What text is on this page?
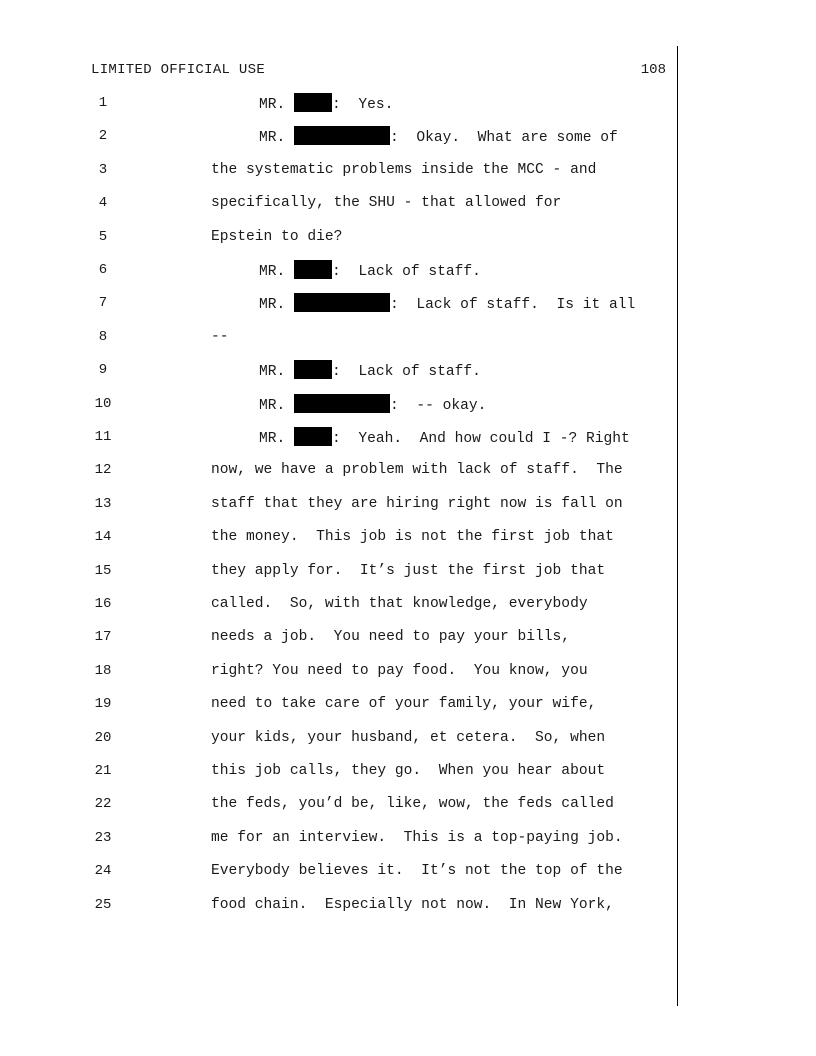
LIMITED OFFICIAL USE	108
1	MR.	:  Yes.
2	MR.	:  Okay.  What are some of
3	the systematic problems inside the MCC - and
4	specifically, the SHU - that allowed for
5	Epstein to die?
6	MR.	:  Lack of staff.
7	MR.	:  Lack of staff.  Is it all
8	--
9	MR.	:  Lack of staff.
10	MR.	:  -- okay.
11	MR.	:  Yeah.  And how could I -? Right
12	now, we have a problem with lack of staff.  The
13	staff that they are hiring right now is fall on
14	the money.  This job is not the first job that
15	they apply for.  It’s just the first job that
16	called.  So, with that knowledge, everybody
17	needs a job.  You need to pay your bills,
18	right? You need to pay food.  You know, you
19	need to take care of your family, your wife,
20	your kids, your husband, et cetera.  So, when
21	this job calls, they go.  When you hear about
22	the feds, you’d be, like, wow, the feds called
23	me for an interview.  This is a top-paying job.
24	Everybody believes it.  It’s not the top of the
25	food chain.  Especially not now.  In New York,
